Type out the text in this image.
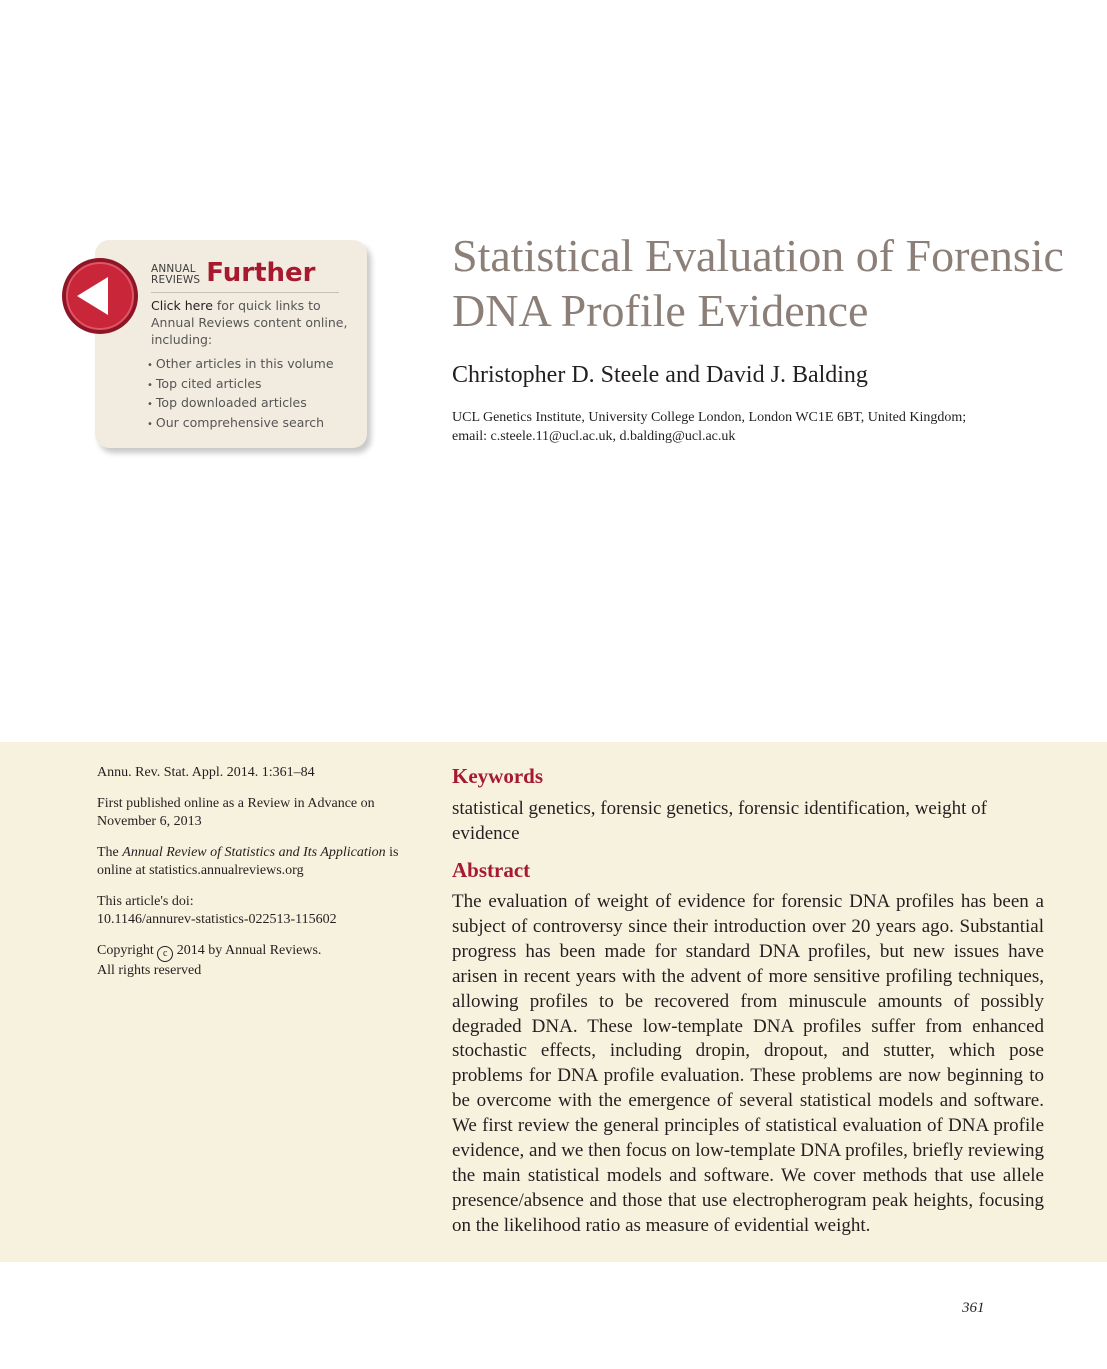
ANNUAL
REVIEWS Further
Click here for quick links to Annual Reviews content online, including:
• Other articles in this volume
• Top cited articles
• Top downloaded articles
• Our comprehensive search
Statistical Evaluation of Forensic DNA Profile Evidence
Christopher D. Steele and David J. Balding
UCL Genetics Institute, University College London, London WC1E 6BT, United Kingdom;
email: c.steele.11@ucl.ac.uk, d.balding@ucl.ac.uk

Annu. Rev. Stat. Appl. 2014. 1:361–84

First published online as a Review in Advance on November 6, 2013

The Annual Review of Statistics and Its Application is online at statistics.annualreviews.org

This article's doi:
10.1146/annurev-statistics-022513-115602

Copyright c 2014 by Annual Reviews.
All rights reserved

Keywords

statistical genetics, forensic genetics, forensic identification, weight of evidence

Abstract

The evaluation of weight of evidence for forensic DNA profiles has been a subject of controversy since their introduction over 20 years ago. Substantial progress has been made for standard DNA profiles, but new issues have arisen in recent years with the advent of more sensitive profiling techniques, allowing profiles to be recovered from minuscule amounts of possibly degraded DNA. These low-template DNA profiles suffer from enhanced stochastic effects, including dropin, dropout, and stutter, which pose problems for DNA profile evaluation. These problems are now beginning to be overcome with the emergence of several statistical models and software. We first review the general principles of statistical evaluation of DNA profile evidence, and we then focus on low-template DNA profiles, briefly reviewing the main statistical models and software. We cover methods that use allele presence/absence and those that use electropherogram peak heights, focusing on the likelihood ratio as measure of evidential weight.

361
